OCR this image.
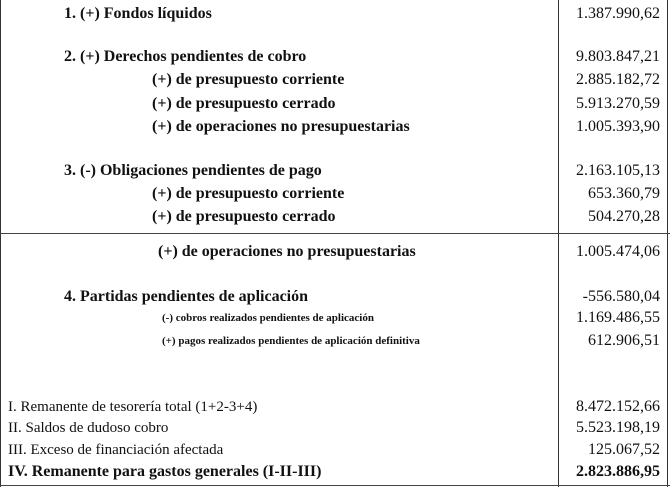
1. (+) Fondos líquidos	1.387.990,62
2. (+) Derechos pendientes de cobro	9.803.847,21
(+) de presupuesto corriente	2.885.182,72
(+) de presupuesto cerrado	5.913.270,59
(+) de operaciones no presupuestarias	1.005.393,90
3. (-) Obligaciones pendientes de pago	2.163.105,13
(+) de presupuesto corriente	653.360,79
(+) de presupuesto cerrado	504.270,28
(+) de operaciones no presupuestarias	1.005.474,06
4. Partidas pendientes de aplicación	-556.580,04
(-) cobros realizados pendientes de aplicación	1.169.486,55
(+) pagos realizados pendientes de aplicación definitiva	612.906,51
I. Remanente de tesorería total (1+2-3+4)	8.472.152,66
II. Saldos de dudoso cobro	5.523.198,19
III. Exceso de financiación afectada	125.067,52
IV. Remanente para gastos generales (I-II-III)	2.823.886,95
